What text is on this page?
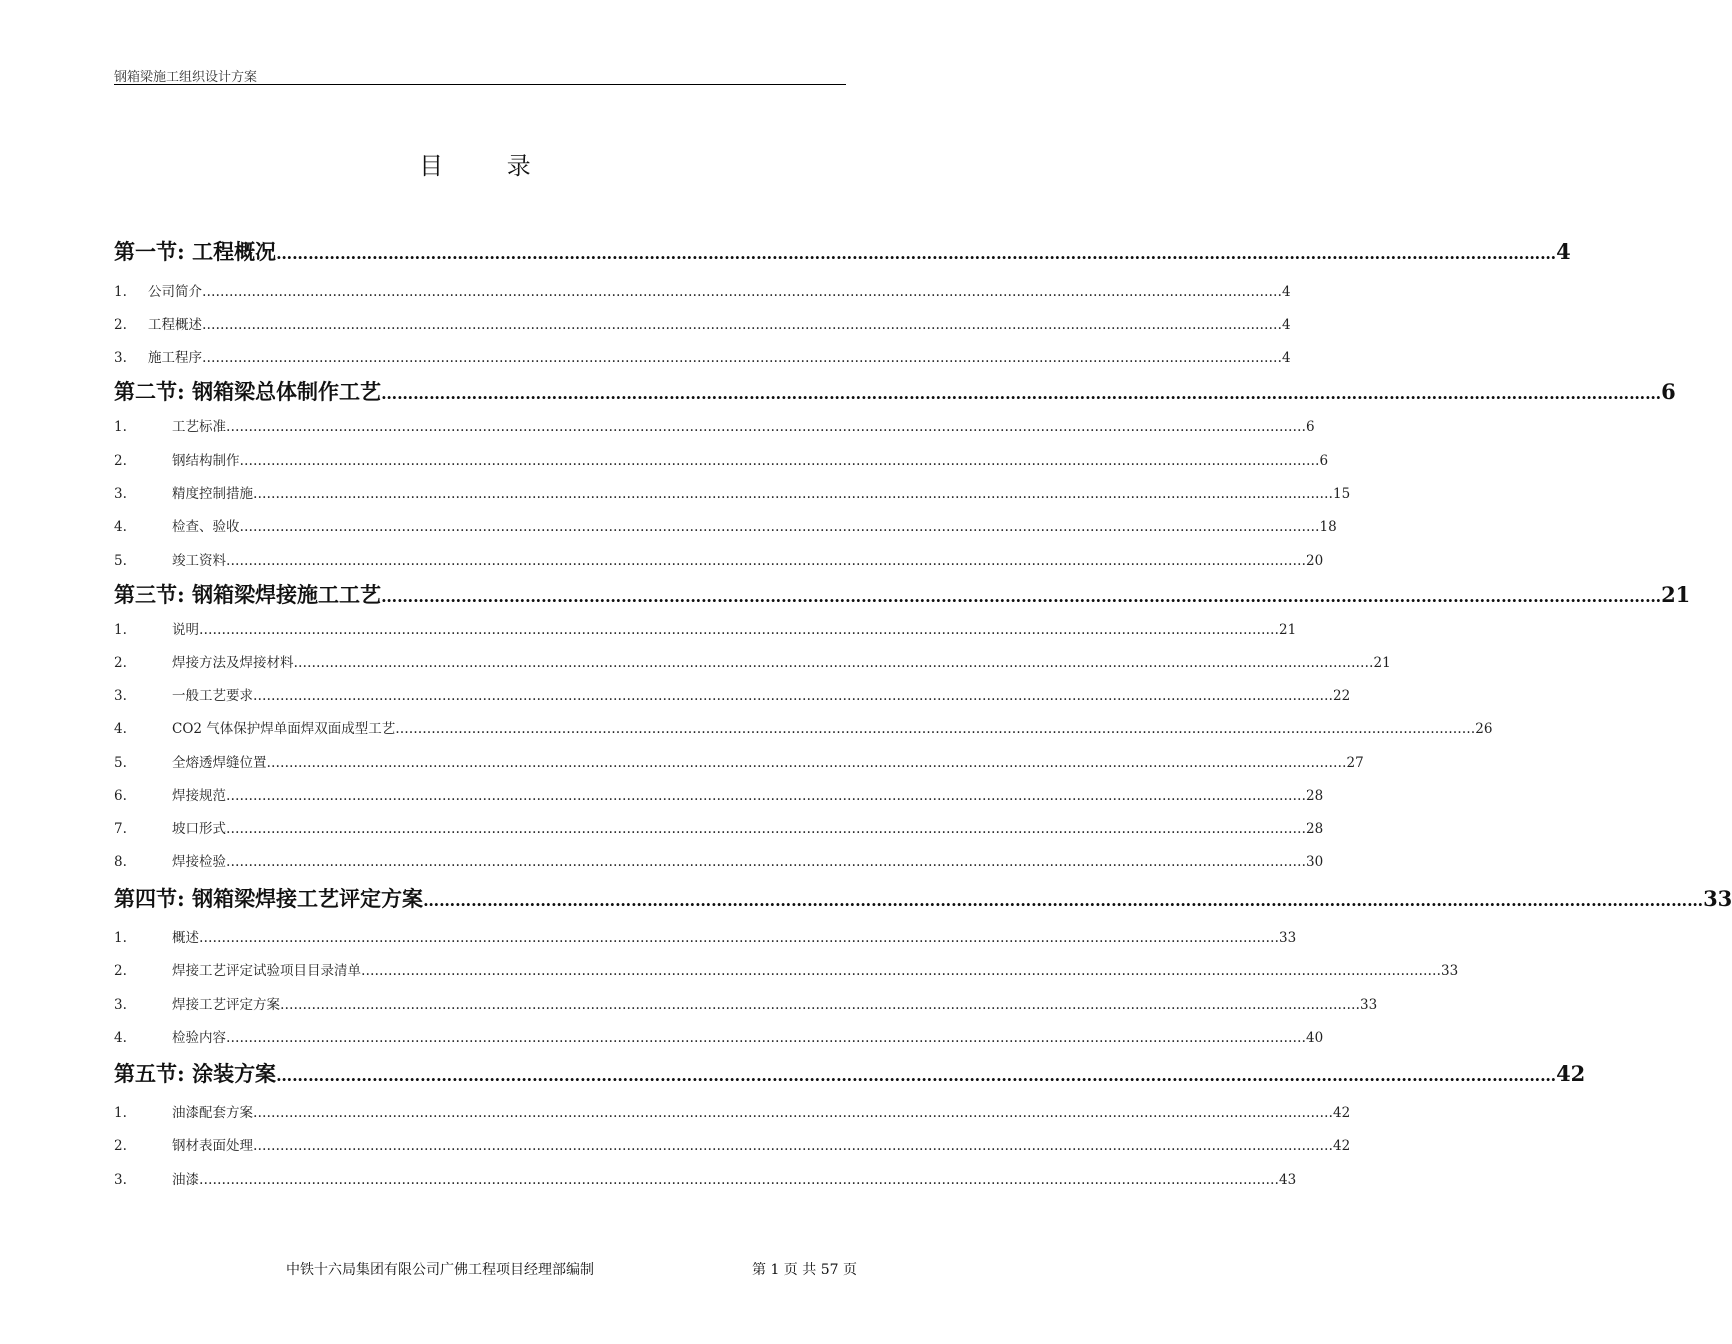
钢箱梁施工组织设计方案
目 录
第一节: 工程概况 …………………………………………………………………………………………………………………………………………………………………………………………………………………… 4
1.	公司简介 …………………………………………………………………………………………………………………………………………………………………………………………………………………… 4
2.	工程概述 …………………………………………………………………………………………………………………………………………………………………………………………………………………… 4
3.	施工程序 …………………………………………………………………………………………………………………………………………………………………………………………………………………… 4
第二节: 钢箱梁总体制作工艺 …………………………………………………………………………………………………………………………………………………………………………………………………………………… 6
1.	工艺标准 …………………………………………………………………………………………………………………………………………………………………………………………………………………… 6
2.	钢结构制作 …………………………………………………………………………………………………………………………………………………………………………………………………………………… 6
3.	精度控制措施 …………………………………………………………………………………………………………………………………………………………………………………………………………………… 15
4.	检查、验收 …………………………………………………………………………………………………………………………………………………………………………………………………………………… 18
5.	竣工资料 …………………………………………………………………………………………………………………………………………………………………………………………………………………… 20
第三节: 钢箱梁焊接施工工艺 …………………………………………………………………………………………………………………………………………………………………………………………………………………… 21
1.	说明 …………………………………………………………………………………………………………………………………………………………………………………………………………………… 21
2.	焊接方法及焊接材料 …………………………………………………………………………………………………………………………………………………………………………………………………………………… 21
3.	一般工艺要求 …………………………………………………………………………………………………………………………………………………………………………………………………………………… 22
4.	CO2 气体保护焊单面焊双面成型工艺 …………………………………………………………………………………………………………………………………………………………………………………………………………………… 26
5.	全熔透焊缝位置 …………………………………………………………………………………………………………………………………………………………………………………………………………………… 27
6.	焊接规范 …………………………………………………………………………………………………………………………………………………………………………………………………………………… 28
7.	坡口形式 …………………………………………………………………………………………………………………………………………………………………………………………………………………… 28
8.	焊接检验 …………………………………………………………………………………………………………………………………………………………………………………………………………………… 30
第四节: 钢箱梁焊接工艺评定方案 …………………………………………………………………………………………………………………………………………………………………………………………………………………… 33
1.	概述 …………………………………………………………………………………………………………………………………………………………………………………………………………………… 33
2.	焊接工艺评定试验项目目录清单 …………………………………………………………………………………………………………………………………………………………………………………………………………………… 33
3.	焊接工艺评定方案 …………………………………………………………………………………………………………………………………………………………………………………………………………………… 33
4.	检验内容 …………………………………………………………………………………………………………………………………………………………………………………………………………………… 40
第五节: 涂装方案 …………………………………………………………………………………………………………………………………………………………………………………………………………………… 42
1.	油漆配套方案 …………………………………………………………………………………………………………………………………………………………………………………………………………………… 42
2.	钢材表面处理 …………………………………………………………………………………………………………………………………………………………………………………………………………………… 42
3.	油漆 …………………………………………………………………………………………………………………………………………………………………………………………………………………… 43
中铁十六局集团有限公司广佛工程项目经理部编制	第 1 页 共 57 页
